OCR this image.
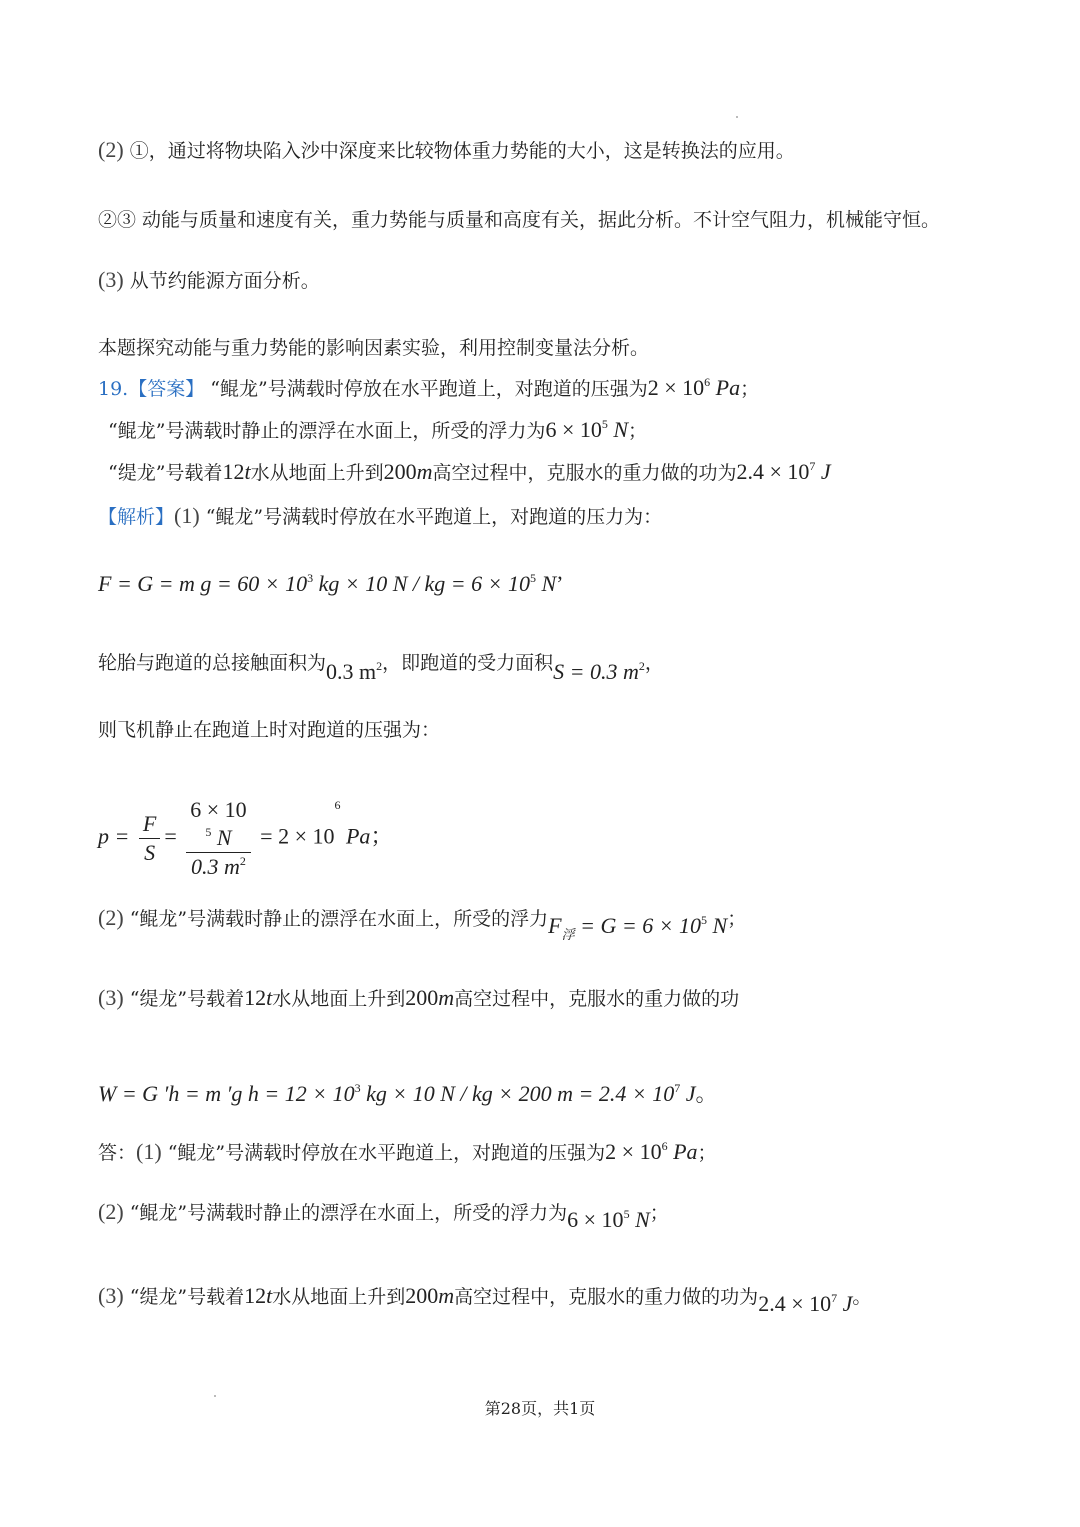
(2) ①，通过将物块陷入沙中深度来比较物体重力势能的大小，这是转换法的应用。
②③ 动能与质量和速度有关，重力势能与质量和高度有关，据此分析。不计空气阻力，机械能守恒。
(3) 从节约能源方面分析。
本题探究动能与重力势能的影响因素实验，利用控制变量法分析。
19.【答案】 “鲲龙”号满载时停放在水平跑道上，对跑道的压强为$2 \times 10^6$ Pa；
“鲲龙”号满载时静止的漂浮在水面上，所受的浮力为$6 \times 10^5$ N；
“缇龙”号载着12t水从地面上升到200m高空过程中，克服水的重力做的功为$2.4 \times 10^7$ J
【解析】(1) “鲲龙”号满载时停放在水平跑道上，对跑道的压力为：
F = G = m $g = 60 \times 10^3$ kg × 10 N / kg = $6 \times 10^5$ N’
轮胎与跑道的总接触面积为0.3 $m^2$，即跑道的受力面积S = 0.3 $m^2$，
则飞机静止在跑道上时对跑道的压强为：
$p = \frac{F}{S} = 6 \times 10$
$^5$ N
0.3 $m^2 = 2 \times 10^6$ Pa；
(2) “鲲龙”号满载时静止的漂浮在水面上，所受的浮力$F_浮 = G = 6 \times 10^5$ N；
(3) “缇龙”号载着12t水从地面上升到200m高空过程中，克服水的重力做的功
W = G ′h = m ′g $h = 12 \times 10^3$ kg × 10 N / kg × 200 $m = 2.4 \times 10^7$ J。
答：(1) “鲲龙”号满载时停放在水平跑道上，对跑道的压强为$2 \times 10^6$ Pa；
(2) “鲲龙”号满载时静止的漂浮在水面上，所受的浮力为$6 \times 10^5$ N；
(3) “缇龙”号载着12t水从地面上升到200m高空过程中，克服水的重力做的功为$2.4 \times 10^7$ J。
第28页，共1页
